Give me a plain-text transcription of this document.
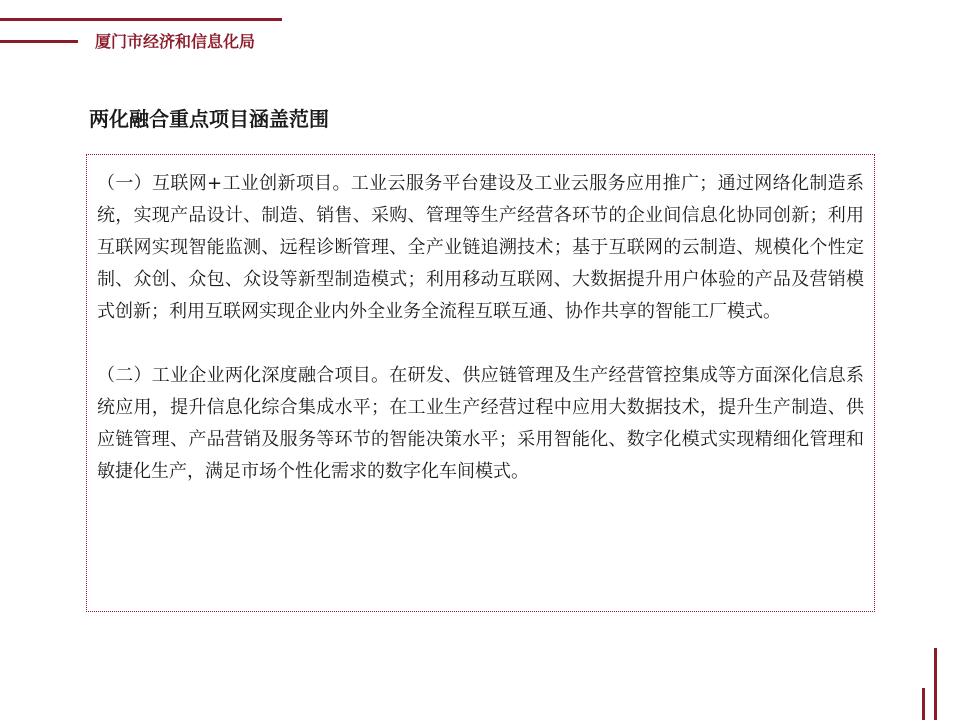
厦门市经济和信息化局
两化融合重点项目涵盖范围

（一）互联网+工业创新项目。工业云服务平台建设及工业云服务应用推广；通过网络化制造系统，实现产品设计、制造、销售、采购、管理等生产经营各环节的企业间信息化协同创新；利用互联网实现智能监测、远程诊断管理、全产业链追溯技术；基于互联网的云制造、规模化个性定制、众创、众包、众设等新型制造模式；利用移动互联网、大数据提升用户体验的产品及营销模式创新；利用互联网实现企业内外全业务全流程互联互通、协作共享的智能工厂模式。

（二）工业企业两化深度融合项目。在研发、供应链管理及生产经营管控集成等方面深化信息系统应用，提升信息化综合集成水平；在工业生产经营过程中应用大数据技术，提升生产制造、供应链管理、产品营销及服务等环节的智能决策水平；采用智能化、数字化模式实现精细化管理和敏捷化生产，满足市场个性化需求的数字化车间模式。
